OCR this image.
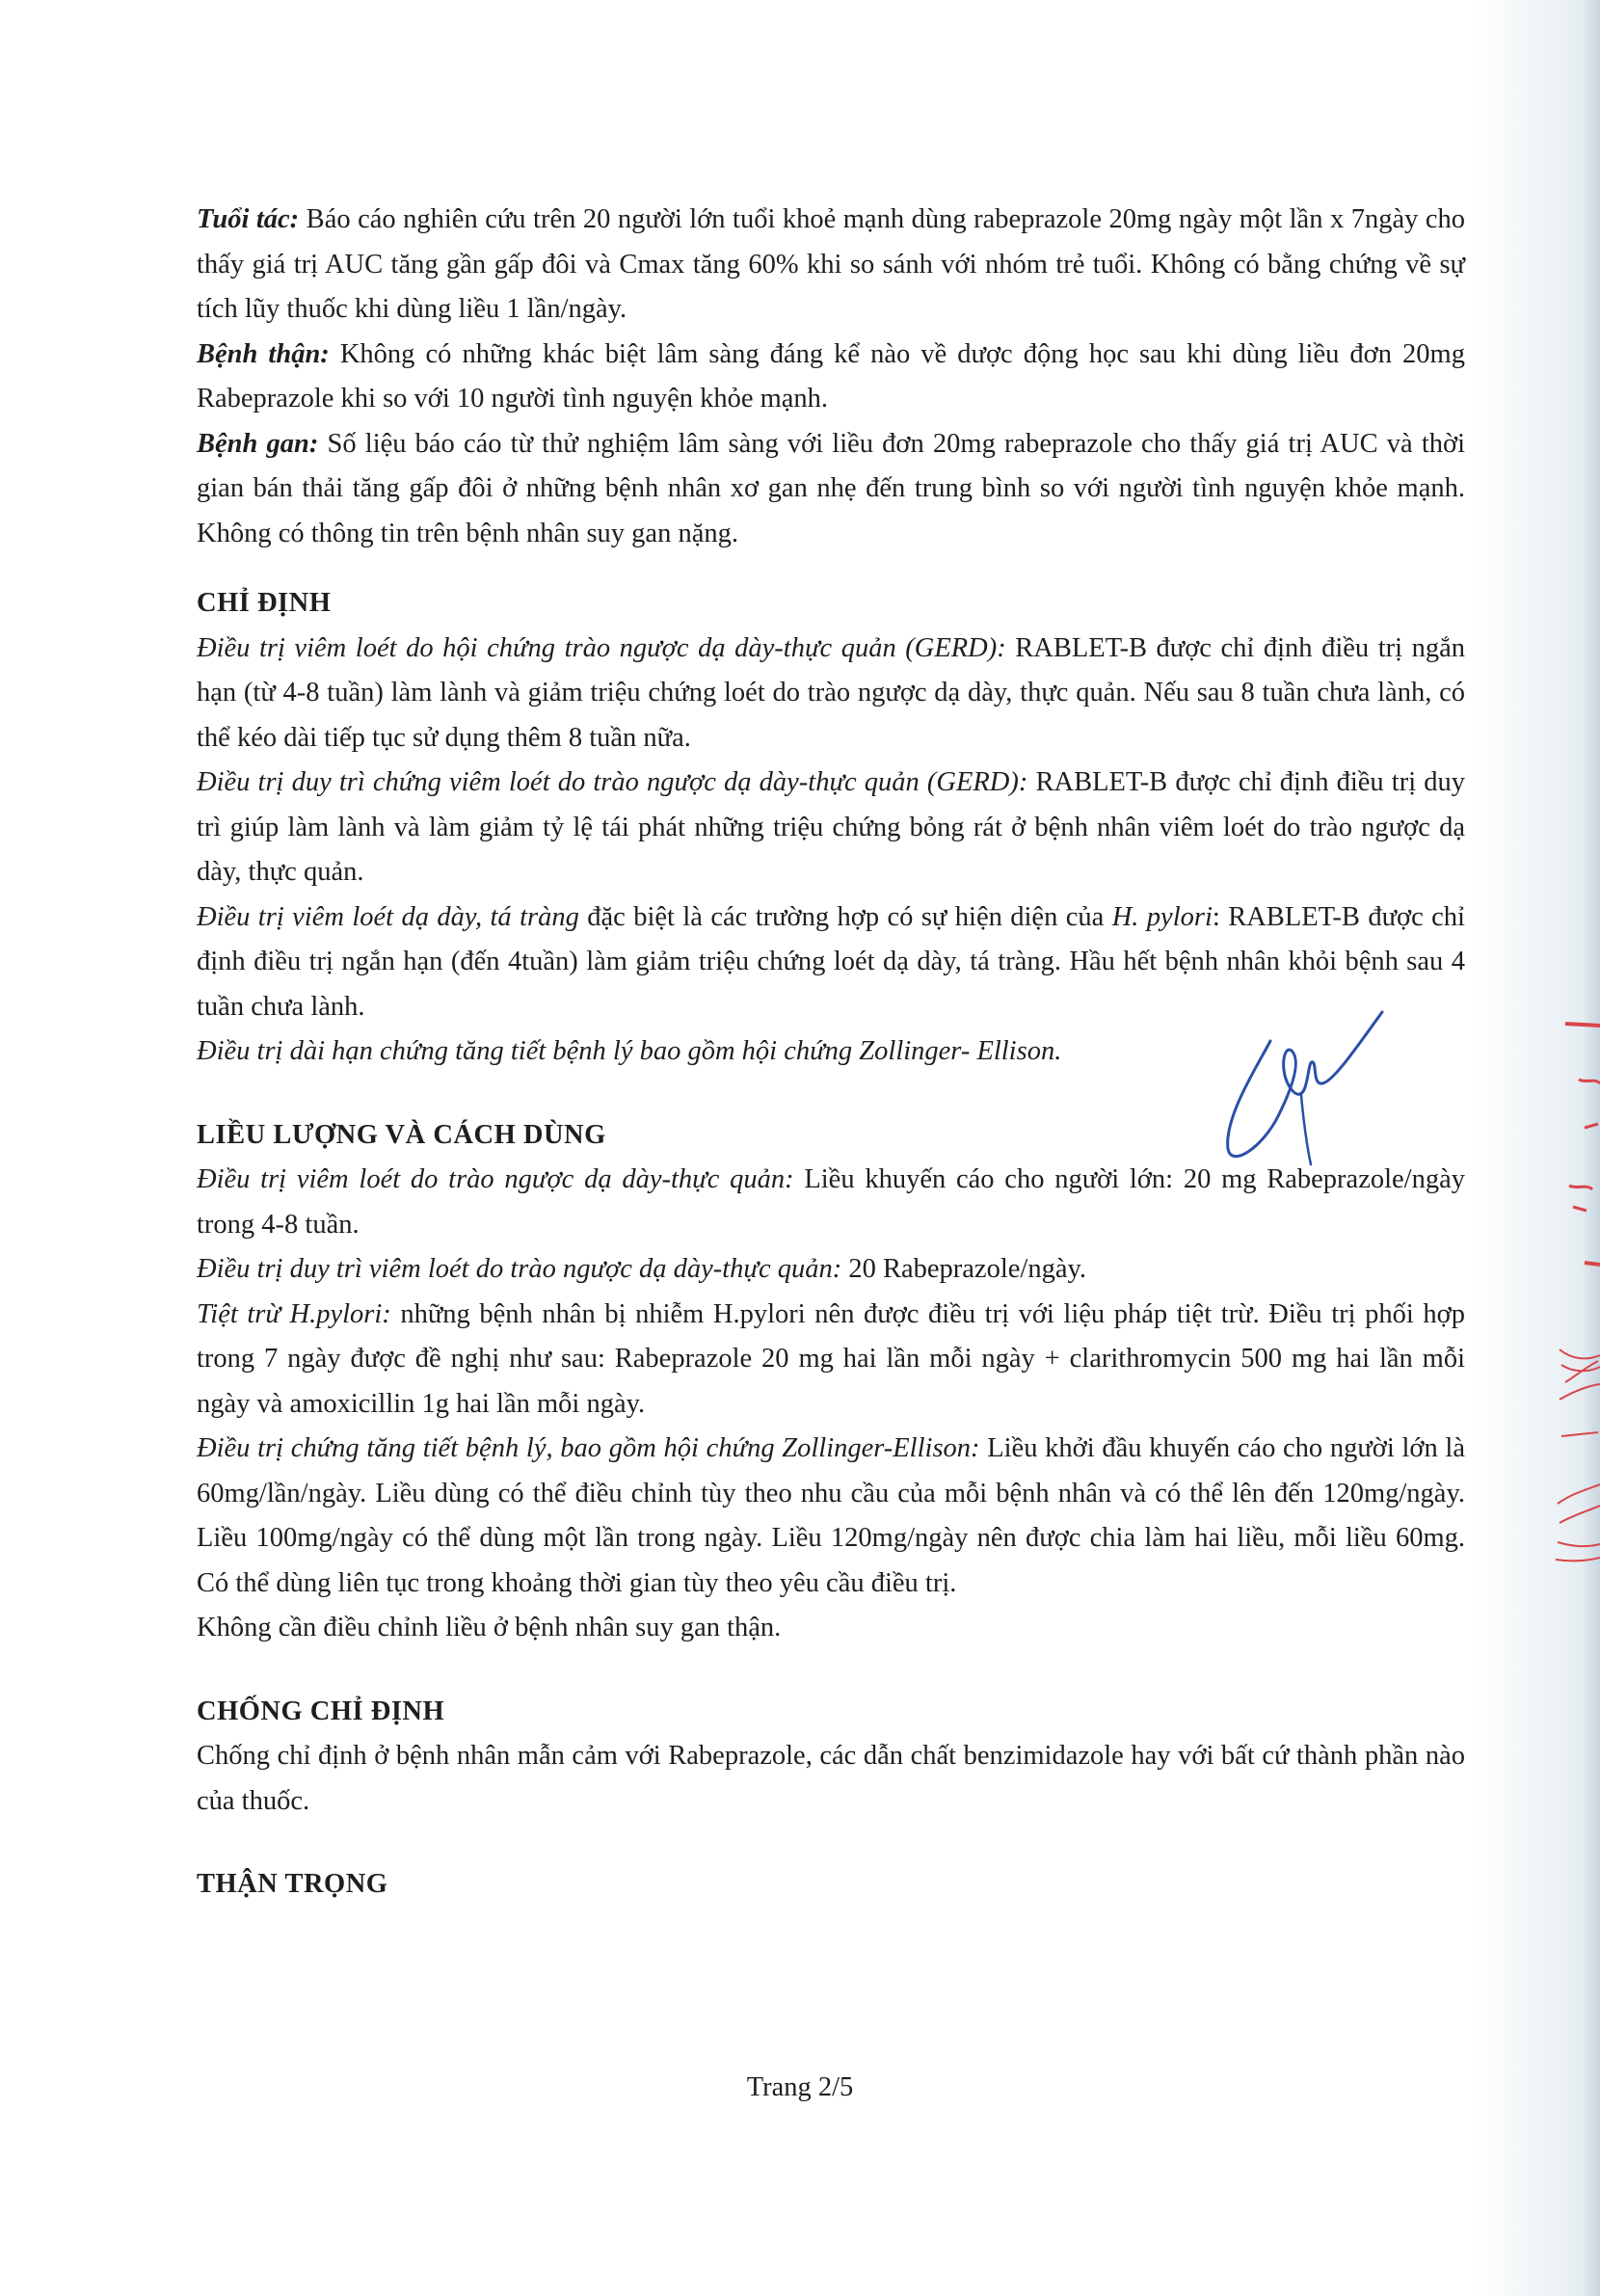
Tuổi tác: Báo cáo nghiên cứu trên 20 người lớn tuổi khoẻ mạnh dùng rabeprazole 20mg ngày một lần x 7ngày cho thấy giá trị AUC tăng gần gấp đôi và Cmax tăng 60% khi so sánh với nhóm trẻ tuổi. Không có bằng chứng về sự tích lũy thuốc khi dùng liều 1 lần/ngày.

Bệnh thận: Không có những khác biệt lâm sàng đáng kể nào về dược động học sau khi dùng liều đơn 20mg Rabeprazole khi so với 10 người tình nguyện khỏe mạnh.

Bệnh gan: Số liệu báo cáo từ thử nghiệm lâm sàng với liều đơn 20mg rabeprazole cho thấy giá trị AUC và thời gian bán thải tăng gấp đôi ở những bệnh nhân xơ gan nhẹ đến trung bình so với người tình nguyện khỏe mạnh. Không có thông tin trên bệnh nhân suy gan nặng.

CHỈ ĐỊNH

Điều trị viêm loét do hội chứng trào ngược dạ dày-thực quản (GERD): RABLET-B được chỉ định điều trị ngắn hạn (từ 4-8 tuần) làm lành và giảm triệu chứng loét do trào ngược dạ dày, thực quản. Nếu sau 8 tuần chưa lành, có thể kéo dài tiếp tục sử dụng thêm 8 tuần nữa.

Điều trị duy trì chứng viêm loét do trào ngược dạ dày-thực quản (GERD): RABLET-B được chỉ định điều trị duy trì giúp làm lành và làm giảm tỷ lệ tái phát những triệu chứng bỏng rát ở bệnh nhân viêm loét do trào ngược dạ dày, thực quản.

Điều trị viêm loét dạ dày, tá tràng đặc biệt là các trường hợp có sự hiện diện của H. pylori: RABLET-B được chỉ định điều trị ngắn hạn (đến 4tuần) làm giảm triệu chứng loét dạ dày, tá tràng. Hầu hết bệnh nhân khỏi bệnh sau 4 tuần chưa lành.

Điều trị dài hạn chứng tăng tiết bệnh lý bao gồm hội chứng Zollinger- Ellison.

LIỀU LƯỢNG VÀ CÁCH DÙNG

Điều trị viêm loét do trào ngược dạ dày-thực quản: Liều khuyến cáo cho người lớn: 20 mg Rabeprazole/ngày trong 4-8 tuần.

Điều trị duy trì viêm loét do trào ngược dạ dày-thực quản: 20 Rabeprazole/ngày.

Tiệt trừ H.pylori: những bệnh nhân bị nhiễm H.pylori nên được điều trị với liệu pháp tiệt trừ. Điều trị phối hợp trong 7 ngày được đề nghị như sau: Rabeprazole 20 mg hai lần mỗi ngày + clarithromycin 500 mg hai lần mỗi ngày và amoxicillin 1g hai lần mỗi ngày.

Điều trị chứng tăng tiết bệnh lý, bao gồm hội chứng Zollinger-Ellison: Liều khởi đầu khuyến cáo cho người lớn là 60mg/lần/ngày. Liều dùng có thể điều chỉnh tùy theo nhu cầu của mỗi bệnh nhân và có thể lên đến 120mg/ngày. Liều 100mg/ngày có thể dùng một lần trong ngày. Liều 120mg/ngày nên được chia làm hai liều, mỗi liều 60mg. Có thể dùng liên tục trong khoảng thời gian tùy theo yêu cầu điều trị.

Không cần điều chỉnh liều ở bệnh nhân suy gan thận.

CHỐNG CHỈ ĐỊNH

Chống chỉ định ở bệnh nhân mẫn cảm với Rabeprazole, các dẫn chất benzimidazole hay với bất cứ thành phần nào của thuốc.

THẬN TRỌNG

Trang 2/5
